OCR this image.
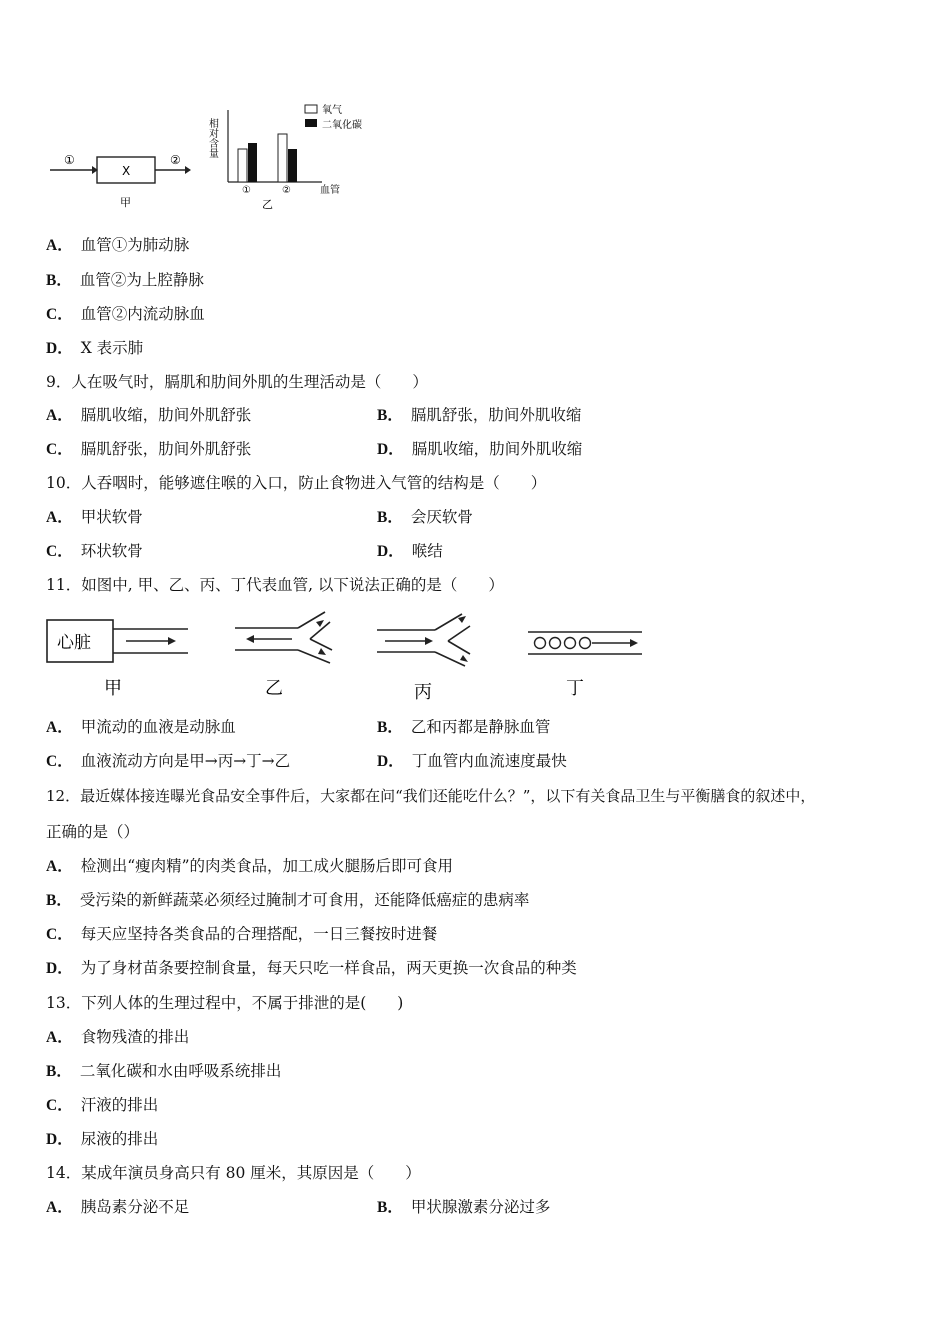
①
X
②
甲
相对含量
①	②	血管
乙
氧气
二氧化碳
A． 血管①为肺动脉
B． 血管②为上腔静脉
C． 血管②内流动脉血
D． X 表示肺
9．人在吸气时，膈肌和肋间外肌的生理活动是（　　）
A． 膈肌收缩，肋间外肌舒张	B． 膈肌舒张，肋间外肌收缩
C． 膈肌舒张，肋间外肌舒张	D． 膈肌收缩，肋间外肌收缩
10．人吞咽时，能够遮住喉的入口，防止食物进入气管的结构是（　　）
A． 甲状软骨	B． 会厌软骨
C． 环状软骨	D． 喉结
11．如图中, 甲、乙、丙、丁代表血管, 以下说法正确的是（　　）
心脏
甲	乙	丙	丁
A． 甲流动的血液是动脉血	B． 乙和丙都是静脉血管
C． 血液流动方向是甲→丙→丁→乙	D． 丁血管内血流速度最快
12．最近媒体接连曝光食品安全事件后，大家都在问“我们还能吃什么？”，以下有关食品卫生与平衡膳食的叙述中，
正确的是（）
A． 检测出“瘦肉精”的肉类食品，加工成火腿肠后即可食用
B． 受污染的新鲜蔬菜必须经过腌制才可食用，还能降低癌症的患病率
C． 每天应坚持各类食品的合理搭配，一日三餐按时进餐
D． 为了身材苗条要控制食量，每天只吃一样食品，两天更换一次食品的种类
13．下列人体的生理过程中，不属于排泄的是(　　)
A． 食物残渣的排出
B． 二氧化碳和水由呼吸系统排出
C． 汗液的排出
D． 尿液的排出
14．某成年演员身高只有 80 厘米，其原因是（　　）
A． 胰岛素分泌不足	B． 甲状腺激素分泌过多
